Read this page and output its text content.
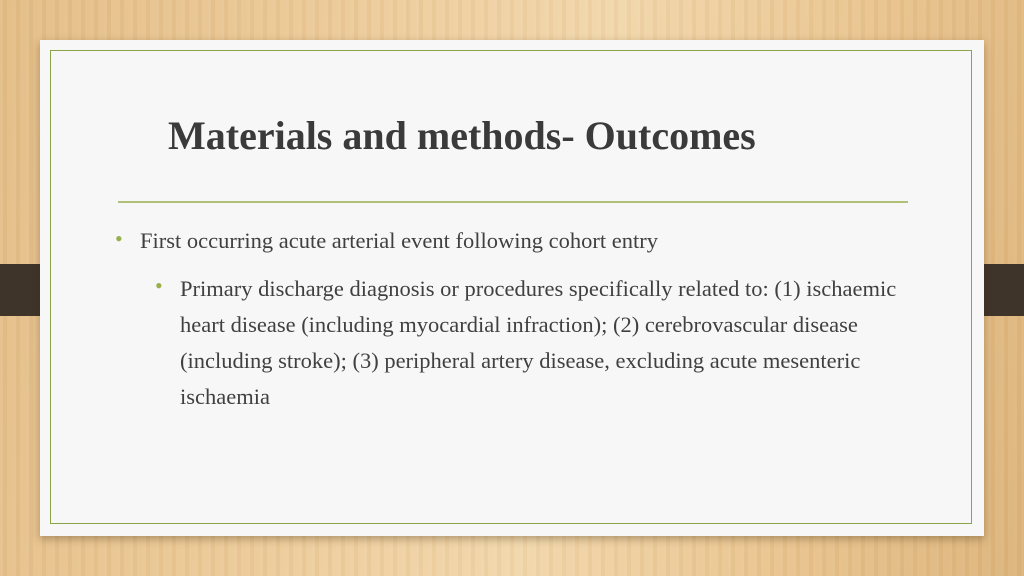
Materials and methods- Outcomes
• First occurring acute arterial event following cohort entry
• Primary discharge diagnosis or procedures specifically related to: (1) ischaemic heart disease (including myocardial infraction); (2) cerebrovascular disease (including stroke); (3) peripheral artery disease, excluding acute mesenteric ischaemia
